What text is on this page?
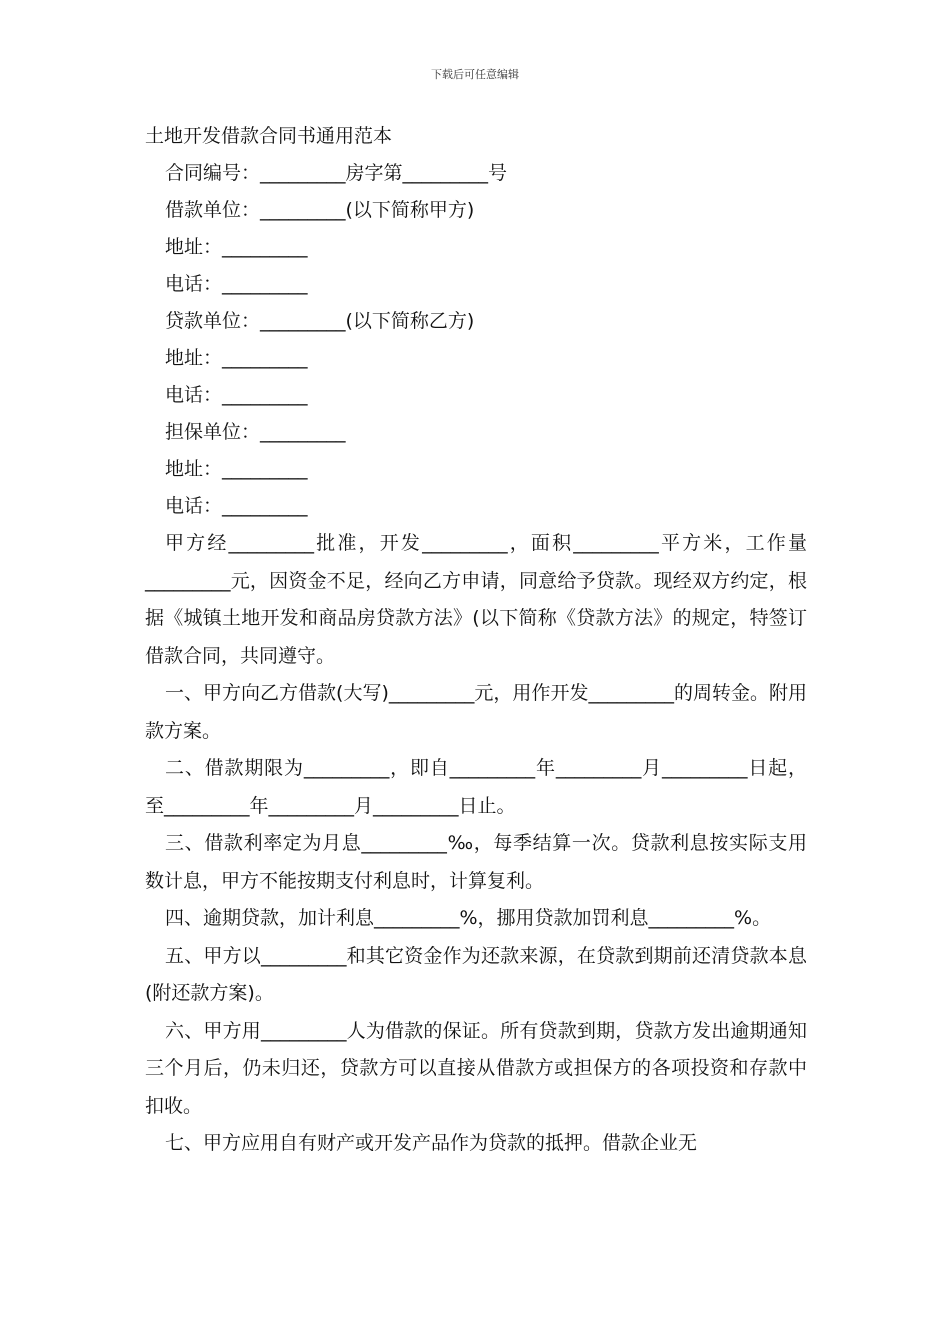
下载后可任意编辑
土地开发借款合同书通用范本
合同编号：_________房字第_________号
借款单位：_________(以下简称甲方)
地址：_________
电话：_________
贷款单位：_________(以下简称乙方)
地址：_________
电话：_________
担保单位：_________
地址：_________
电话：_________

甲方经_________批准，开发_________，面积_________平方米，工作量_________元，因资金不足，经向乙方申请，同意给予贷款。现经双方约定，根据《城镇土地开发和商品房贷款方法》(以下简称《贷款方法》的规定，特签订借款合同，共同遵守。

一、甲方向乙方借款(大写)_________元，用作开发_________的周转金。附用款方案。

二、借款期限为_________，即自_________年_________月_________日起，至_________年_________月_________日止。

三、借款利率定为月息_________‰，每季结算一次。贷款利息按实际支用数计息，甲方不能按期支付利息时，计算复利。

四、逾期贷款，加计利息_________%，挪用贷款加罚利息_________%。

五、甲方以_________和其它资金作为还款来源，在贷款到期前还清贷款本息(附还款方案)。

六、甲方用_________人为借款的保证。所有贷款到期，贷款方发出逾期通知三个月后，仍未归还，贷款方可以直接从借款方或担保方的各项投资和存款中扣收。

七、甲方应用自有财产或开发产品作为贷款的抵押。借款企业无
